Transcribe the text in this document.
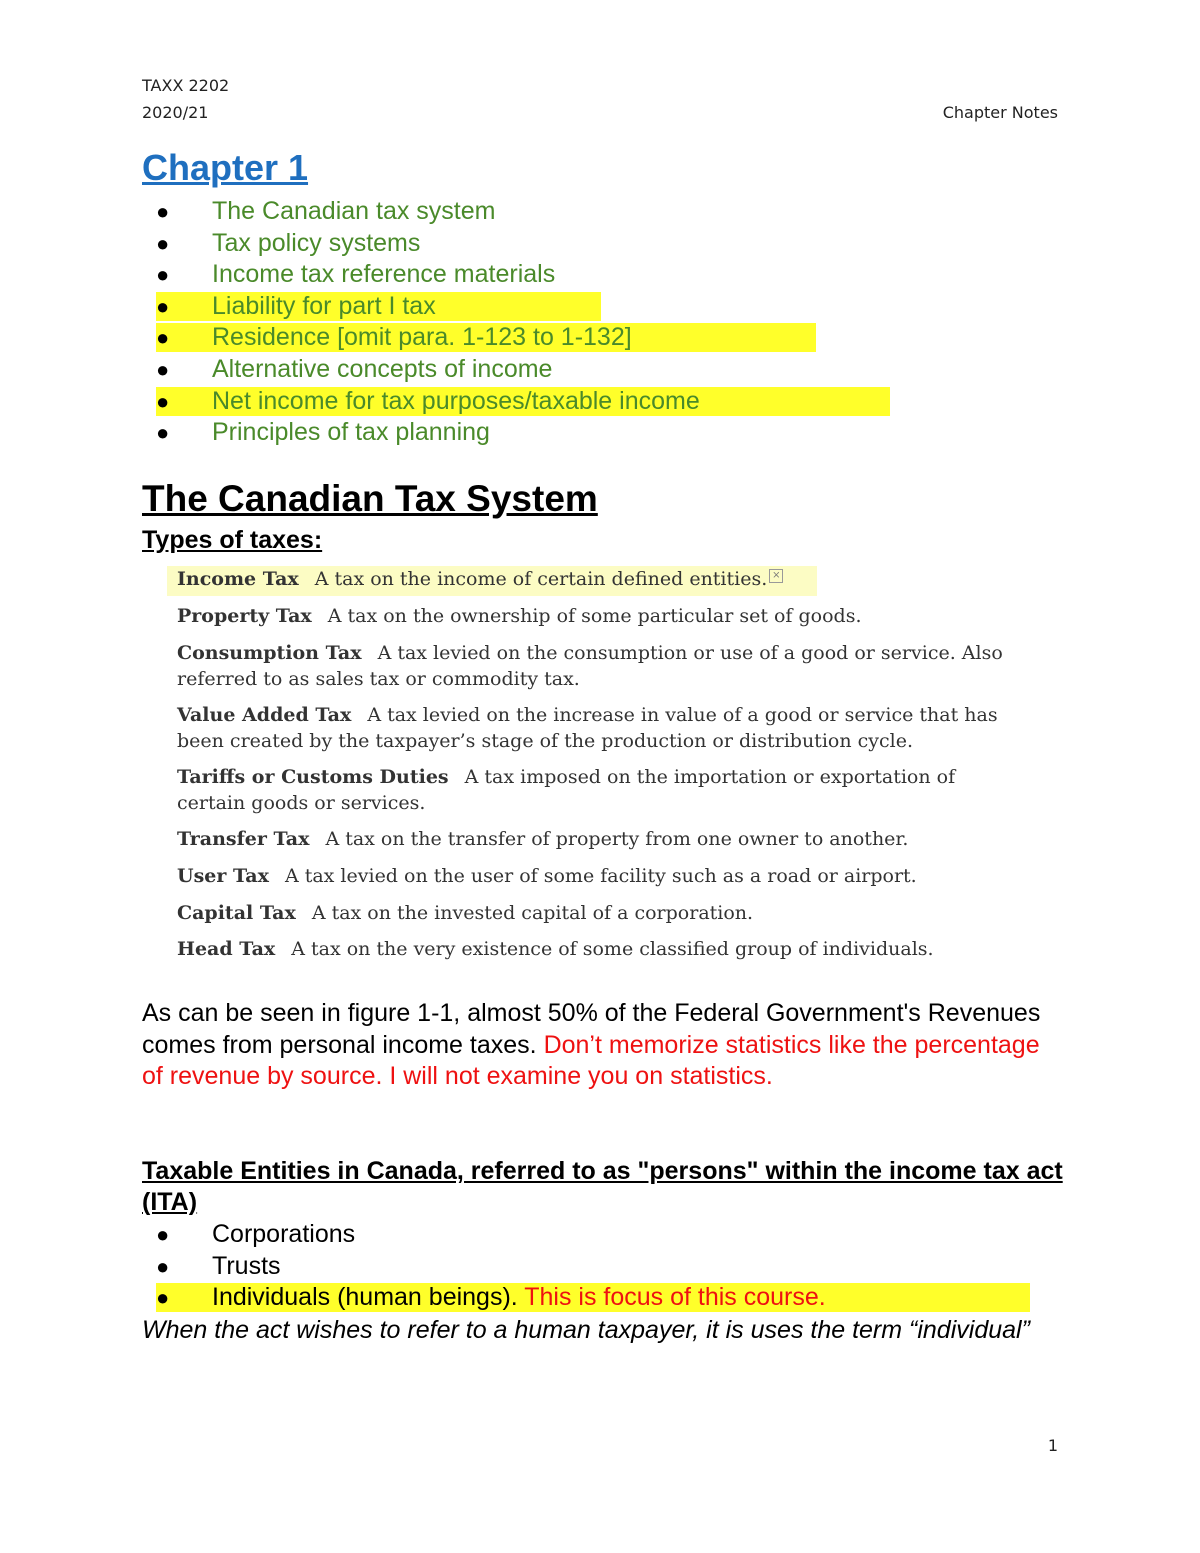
TAXX 2202
2020/21	Chapter Notes
Chapter 1
● The Canadian tax system
● Tax policy systems
● Income tax reference materials
● Liability for part I tax
● Residence [omit para. 1-123 to 1-132]
● Alternative concepts of income
● Net income for tax purposes/taxable income
● Principles of tax planning
The Canadian Tax System
Types of taxes:
Income Tax A tax on the income of certain defined entities. ×
Property Tax A tax on the ownership of some particular set of goods.
Consumption Tax A tax levied on the consumption or use of a good or service. Also referred to as sales tax or commodity tax.
Value Added Tax A tax levied on the increase in value of a good or service that has been created by the taxpayer’s stage of the production or distribution cycle.
Tariffs or Customs Duties A tax imposed on the importation or exportation of certain goods or services.
Transfer Tax A tax on the transfer of property from one owner to another.
User Tax A tax levied on the user of some facility such as a road or airport.
Capital Tax A tax on the invested capital of a corporation.
Head Tax A tax on the very existence of some classified group of individuals.

As can be seen in figure 1-1, almost 50% of the Federal Government's Revenues comes from personal income taxes. Don’t memorize statistics like the percentage of revenue by source. I will not examine you on statistics.

Taxable Entities in Canada, referred to as "persons" within the income tax act (ITA)
● Corporations
● Trusts
● Individuals (human beings). This is focus of this course.

When the act wishes to refer to a human taxpayer, it is uses the term “individual”

1
